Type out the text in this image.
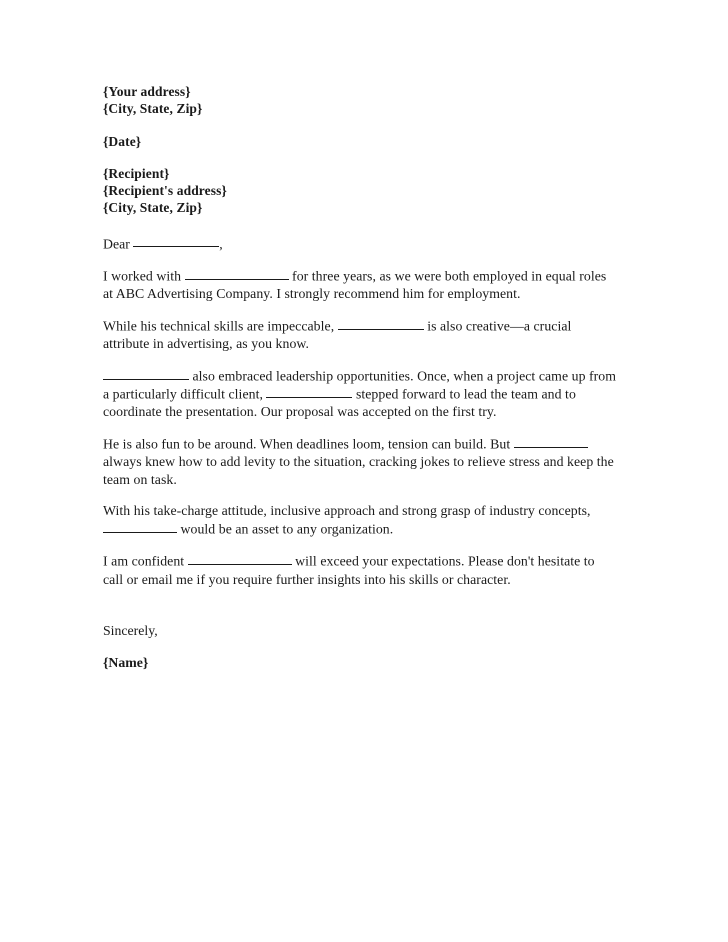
{Your address}
{City, State, Zip}
{Date}
{Recipient}
{Recipient's address}
{City, State, Zip}
Dear	,

I worked with	for three years, as we were both employed in equal roles at ABC Advertising Company. I strongly recommend him for employment.

While his technical skills are impeccable,	is also creative—a crucial attribute in advertising, as you know.

also embraced leadership opportunities. Once, when a project came up from a particularly difficult client,	stepped forward to lead the team and to coordinate the presentation. Our proposal was accepted on the first try.

He is also fun to be around. When deadlines loom, tension can build. But  always knew how to add levity to the situation, cracking jokes to relieve stress and keep the team on task.

With his take-charge attitude, inclusive approach and strong grasp of industry concepts,  would be an asset to any organization.

I am confident	will exceed your expectations. Please don't hesitate to call or email me if you require further insights into his skills or character.

Sincerely,
{Name}
